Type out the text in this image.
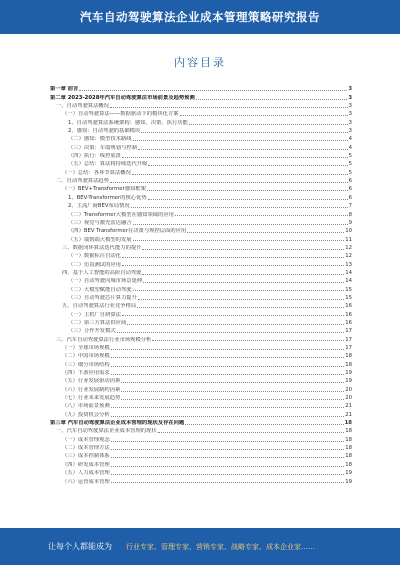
汽车自动驾驶算法企业成本管理策略研究报告
内容目录
第一章 前言	3
第二章 2023-2028年汽车自动驾驶算法市场前景及趋势预测	3
一、自动驾驶算法概况	3
（一）自动驾驶算法——数据驱动下的模块化方案	3
1、自动驾驶算法系统架构：感知、决策、执行功能	3
2、感知：自动驾驶的基础模块	3
（二）感知：模型技术路线	4
（三）决策：车端规划与控制	4
（四）执行：线控底盘	5
（五）总结：算法将持续迭代升级	5
（一）总结：各环节算法概况	5
二、自动驾驶算法趋势	6
（一）BEV+Transformer感知框架	6
1、BEV-Transformer的核心优势	6
2、主流厂商BEV布局情况	7
（二）Transformer大模型在感知领域的应用	8
（三）视觉与激光雷达融合	9
（四）BEV Transformer在决策与规控层面的应用	10
（五）端到端大模型的发展	11
三、数据闭环算法迭代能力的提升	12
（一）数据标注自动化	12
（二）仿真测试的应用	13
四、基于人工智能的高阶自动驾驶	14
（一）自动驾驶向城市场景延伸	14
（二）大模型赋能自动驾驶	15
（三）自动驾驶芯片算力提升	15
五、自动驾驶算法行业竞争格局	16
（一）主机厂自研算法	16
（二）第三方算法供应商	16
（三）合作开发模式	17
三、汽车自动驾驶算法行业市场规模分析	17
（一）全球市场规模	17
（二）中国市场规模	18
（三）细分市场结构	18
（四）下游应用需求	19
（五）行业发展驱动因素	19
（六）行业发展制约因素	20
（七）行业未来发展趋势	20
（八）市场前景预测	21
（九）投资机会分析	21
第三章 汽车自动驾驶算法企业成本管理的现状及存在问题	18
一、汽车自动驾驶算法企业成本管理的现状	18
（一）成本管理观念	18
（二）成本管理方法	18
（三）成本控制体系	18
（四）研发成本管理	18
（五）人力成本管理	19
（六）运营成本管理	19
让每个人都能成为 行业专家、管理专家、营销专家、战略专家、成本企业家……
